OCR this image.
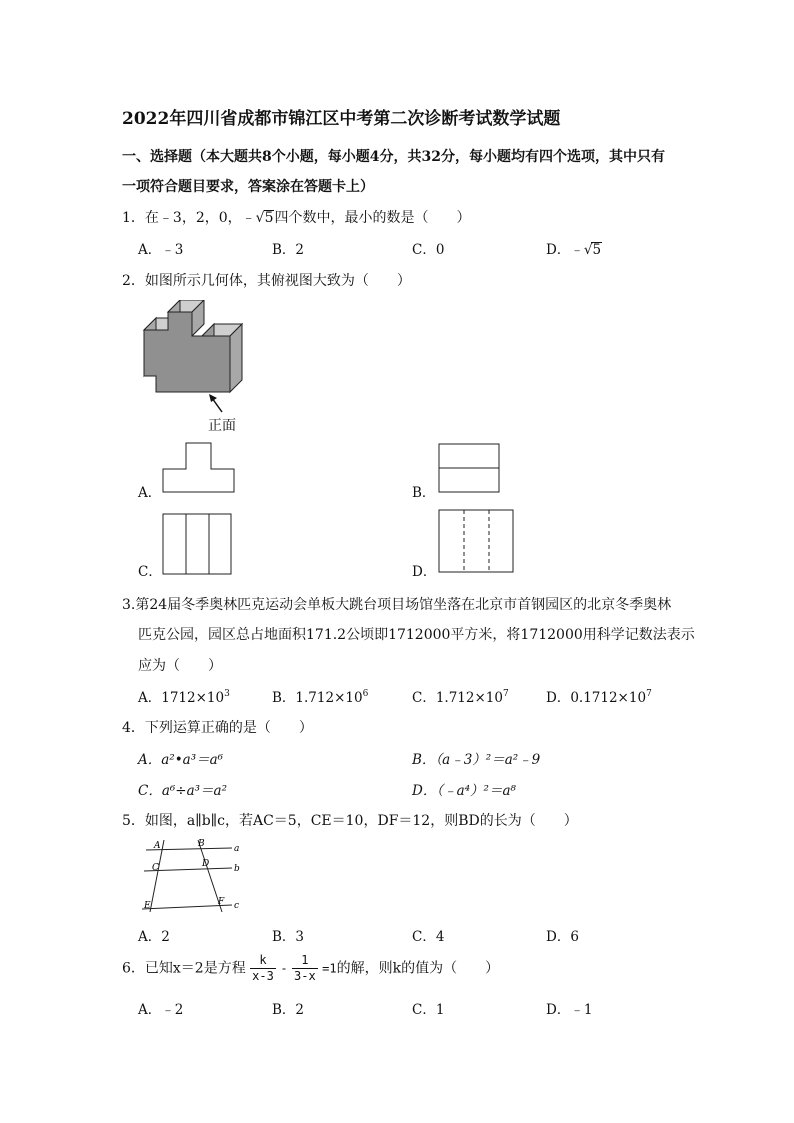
2022年四川省成都市锦江区中考第二次诊断考试数学试题
一、选择题（本大题共8个小题，每小题4分，共32分，每小题均有四个选项，其中只有
一项符合题目要求，答案涂在答题卡上）
1．在﹣3，2，0，﹣√5四个数中，最小的数是（　　）
A．﹣3	B．2	C．0	D．﹣√5
2．如图所示几何体，其俯视图大致为（　　）
正面
A．	B．
C．	D．
3.第24届冬季奥林匹克运动会单板大跳台项目场馆坐落在北京市首钢园区的北京冬季奥林
匹克公园，园区总占地面积171.2公顷即1712000平方米，将1712000用科学记数法表示
应为（　　）
A．$1712\times 10^3$	B．$1.712\times 10^6$	C．$1.712\times 10^7$	D．$0.1712\times 10^7$
4．下列运算正确的是（　　）
A．a²•a³＝a⁶	B．（a﹣3）²＝a²﹣9
C．a⁶÷a³＝a²	D．（﹣a⁴）²＝a⁸
5．如图，a∥b∥c，若AC＝5，CE＝10，DF＝12，则BD的长为（　　）
A	B
C	D
E	F
a
b
c
A．2	B．3	C．4	D．6
6．已知x＝2是方程 $\frac{k}{x-3} - \frac{1}{3-x} =1$的解，则k的值为（　　）
A．﹣2	B．2	C．1	D．﹣1
